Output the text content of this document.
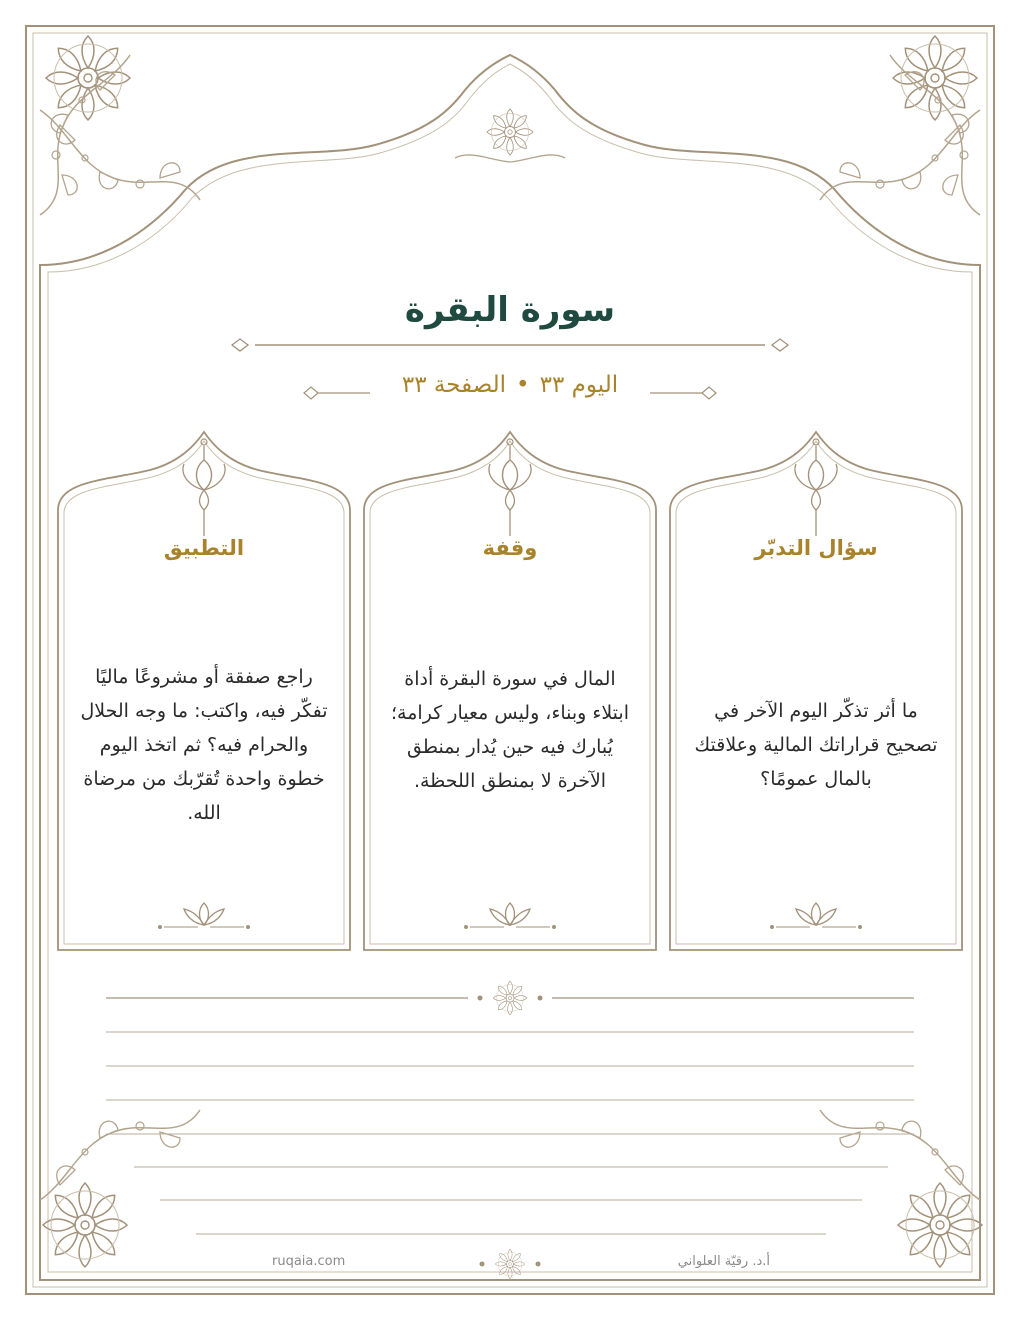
سورة البقرة
اليوم ٣٣•الصفحة ٣٣
سؤال التدبّر
ما أثر تذكّر اليوم الآخر في تصحيح قراراتك المالية وعلاقتك بالمال عمومًا؟
وقفة
المال في سورة البقرة أداة ابتلاء وبناء، وليس معيار كرامة؛ يُبارك فيه حين يُدار بمنطق الآخرة لا بمنطق اللحظة.
التطبيق
راجع صفقة أو مشروعًا ماليًا تفكّر فيه، واكتب: ما وجه الحلال والحرام فيه؟ ثم اتخذ اليوم خطوة واحدة تُقرّبك من مرضاة الله.
ruqaia.com	أ.د. رقيّة العلواني
